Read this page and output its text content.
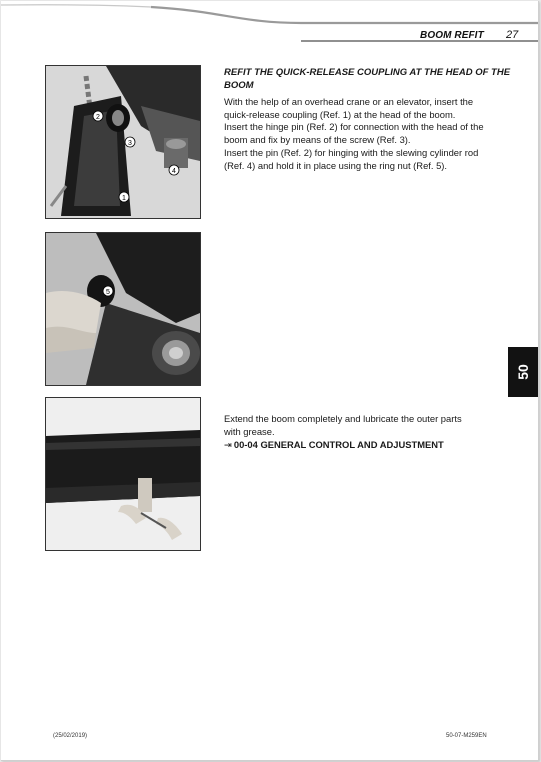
BOOM REFIT 27
1
2
3
4
5
REFIT THE QUICK-RELEASE COUPLING AT THE HEAD OF THE
BOOM

With the help of an overhead crane or an elevator, insert the

quick-release coupling (Ref. 1) at the head of the boom.

Insert the hinge pin (Ref. 2) for connection with the head of the

boom and fix by means of the screw (Ref. 3).

Insert the pin (Ref. 2) for hinging with the slewing cylinder rod

(Ref. 4) and hold it in place using the ring nut (Ref. 5).

Extend the boom completely and lubricate the outer parts

with grease.

⇥ 00-04 GENERAL CONTROL AND ADJUSTMENT

50
(25/02/2019)	50-07-M259EN
